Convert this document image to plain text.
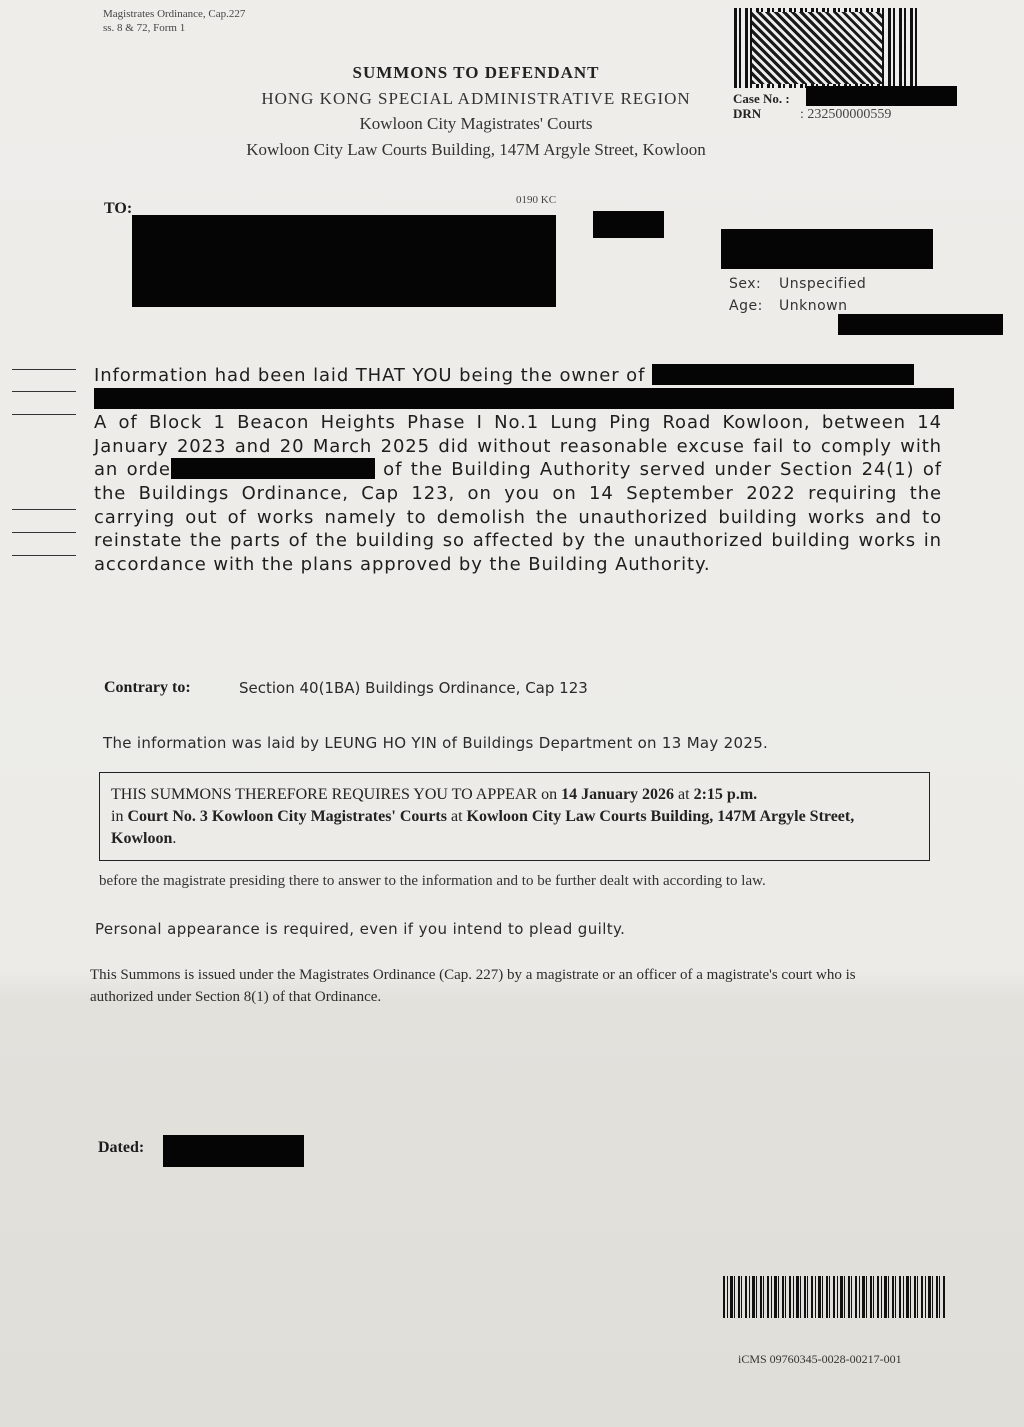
Magistrates Ordinance, Cap.227
ss. 8 & 72, Form 1
SUMMONS TO DEFENDANT
HONG KONG SPECIAL ADMINISTRATIVE REGION
Kowloon City Magistrates' Courts
Kowloon City Law Courts Building, 147M Argyle Street, Kowloon
Case No. :
DRN	: 232500000559
TO:	0190 KC
Sex: Unspecified
Age: Unknown

Information had been laid THAT YOU being the owner of

A of Block 1 Beacon Heights Phase I No.1 Lung Ping Road Kowloon, between 14 January 2023 and 20 March 2025 did without reasonable excuse fail to comply with an orde	of the Building Authority served under Section 24(1) of the Buildings Ordinance, Cap 123, on you on 14 September 2022 requiring the carrying out of works namely to demolish the unauthorized building works and to reinstate the parts of the building so affected by the unauthorized building works in accordance with the plans approved by the Building Authority.

Contrary to:	Section 40(1BA) Buildings Ordinance, Cap 123
The information was laid by LEUNG HO YIN of Buildings Department on 13 May 2025.
THIS SUMMONS THEREFORE REQUIRES YOU TO APPEAR on 14 January 2026 at 2:15 p.m.
in Court No. 3 Kowloon City Magistrates' Courts at Kowloon City Law Courts Building, 147M Argyle Street, Kowloon.
before the magistrate presiding there to answer to the information and to be further dealt with according to law.
Personal appearance is required, even if you intend to plead guilty.
This Summons is issued under the Magistrates Ordinance (Cap. 227) by a magistrate or an officer of a magistrate's court who is authorized under Section 8(1) of that Ordinance.
Dated:
iCMS 09760345-0028-00217-001
